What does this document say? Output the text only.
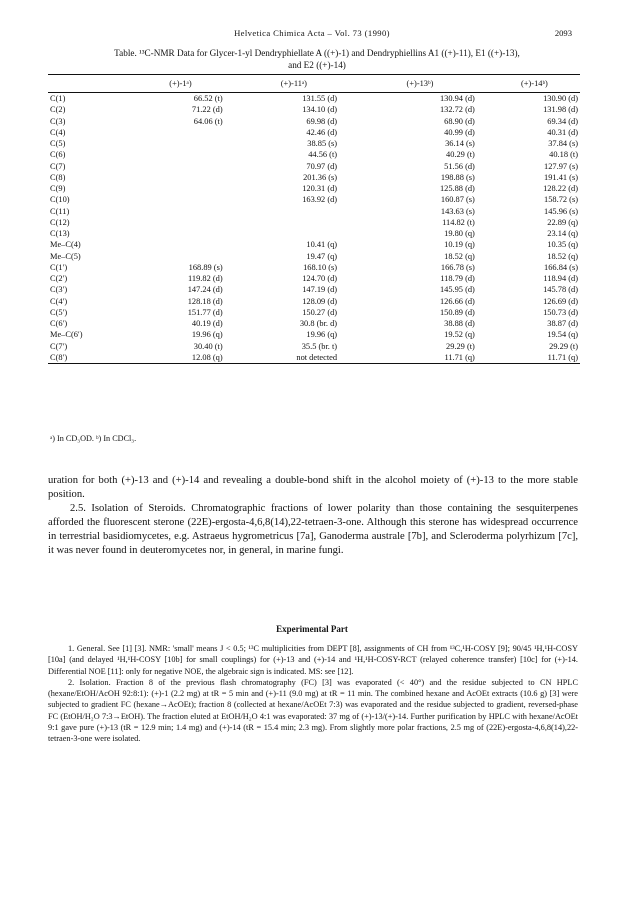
Helvetica Chimica Acta – Vol. 73 (1990)	2093
Table. ¹³C-NMR Data for Glycer-1-yl Dendryphiellate A ((+)-1) and Dendryphiellins A1 ((+)-11), E1 ((+)-13),
and E2 ((+)-14)
	(+)-1ᵃ)	(+)-11ᵃ)	(+)-13ᵇ)	(+)-14ᵇ)
C(1)	66.52 (t)	131.55 (d)	130.94 (d)	130.90 (d)
C(2)	71.22 (d)	134.10 (d)	132.72 (d)	131.98 (d)
C(3)	64.06 (t)	69.98 (d)	68.90 (d)	69.34 (d)
C(4)		42.46 (d)	40.99 (d)	40.31 (d)
C(5)		38.85 (s)	36.14 (s)	37.84 (s)
C(6)		44.56 (t)	40.29 (t)	40.18 (t)
C(7)		70.97 (d)	51.56 (d)	127.97 (s)
C(8)		201.36 (s)	198.88 (s)	191.41 (s)
C(9)		120.31 (d)	125.88 (d)	128.22 (d)
C(10)		163.92 (d)	160.87 (s)	158.72 (s)
C(11)			143.63 (s)	145.96 (s)
C(12)			114.82 (t)	22.89 (q)
C(13)			19.80 (q)	23.14 (q)
Me–C(4)		10.41 (q)	10.19 (q)	10.35 (q)
Me–C(5)		19.47 (q)	18.52 (q)	18.52 (q)
C(1′)	168.89 (s)	168.10 (s)	166.78 (s)	166.84 (s)
C(2′)	119.82 (d)	124.70 (d)	118.79 (d)	118.94 (d)
C(3′)	147.24 (d)	147.19 (d)	145.95 (d)	145.78 (d)
C(4′)	128.18 (d)	128.09 (d)	126.66 (d)	126.69 (d)
C(5′)	151.77 (d)	150.27 (d)	150.89 (d)	150.73 (d)
C(6′)	40.19 (d)	30.8 (br. d)	38.88 (d)	38.87 (d)
Me–C(6′)	19.96 (q)	19.96 (q)	19.52 (q)	19.54 (q)
C(7′)	30.40 (t)	35.5 (br. t)	29.29 (t)	29.29 (t)
C(8′)	12.08 (q)	not detected	11.71 (q)	11.71 (q)
ᵃ) In CD₃OD. ᵇ) In CDCl₃.

uration for both (+)-13 and (+)-14 and revealing a double-bond shift in the alcohol moiety of (+)-13 to the more stable position.

2.5. Isolation of Steroids. Chromatographic fractions of lower polarity than those containing the sesquiterpenes afforded the fluorescent sterone (22E)-ergosta-4,6,8(14),22-tetraen-3-one. Although this sterone has widespread occurrence in terrestrial basidiomycetes, e.g. Astraeus hygrometricus [7a], Ganoderma australe [7b], and Scleroderma polyrhizum [7c], it was never found in deuteromycetes nor, in general, in marine fungi.

Experimental Part

1. General. See [1] [3]. NMR: 'small' means J < 0.5; ¹³C multiplicities from DEPT [8], assignments of CH from ¹³C,¹H-COSY [9]; 90/45 ¹H,¹H-COSY [10a] (and delayed ¹H,¹H-COSY [10b] for small couplings) for (+)-13 and (+)-14 and ¹H,¹H-COSY-RCT (relayed coherence transfer) [10c] for (+)-14. Differential NOE [11]: only for negative NOE, the algebraic sign is indicated. MS: see [12].

2. Isolation. Fraction 8 of the previous flash chromatography (FC) [3] was evaporated (< 40°) and the residue subjected to CN HPLC (hexane/EtOH/AcOH 92:8:1): (+)-1 (2.2 mg) at tR = 5 min and (+)-11 (9.0 mg) at tR = 11 min. The combined hexane and AcOEt extracts (10.6 g) [3] were subjected to gradient FC (hexane→AcOEt); fraction 8 (collected at hexane/AcOEt 7:3) was evaporated and the residue subjected to gradient, reversed-phase FC (EtOH/H₂O 7:3→EtOH). The fraction eluted at EtOH/H₂O 4:1 was evaporated: 37 mg of (+)-13/(+)-14. Further purification by HPLC with hexane/AcOEt 9:1 gave pure (+)-13 (tR = 12.9 min; 1.4 mg) and (+)-14 (tR = 15.4 min; 2.3 mg). From slightly more polar fractions, 2.5 mg of (22E)-ergosta-4,6,8(14),22-tetraen-3-one were isolated.
